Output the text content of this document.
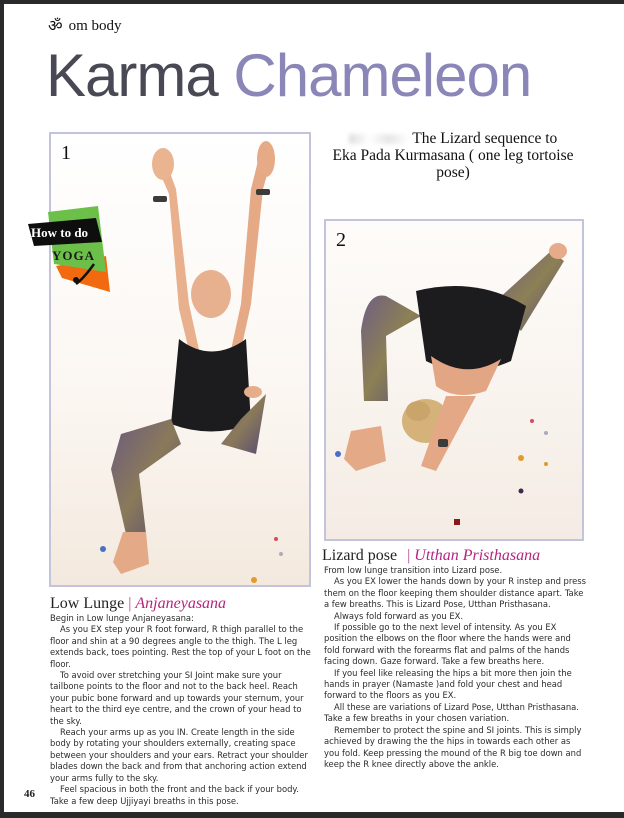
ॐ om body
Karma Chameleon
1
How to do
YOGA
The Lizard sequence to
Eka Pada Kurmasana ( one leg tortoise
pose)
2
Low Lunge | Anjaneyasana

Begin in Low lunge Anjaneyasana:

As you EX step your R foot forward, R thigh parallel to the floor and shin at a 90 degrees angle to the thigh. The L leg extends back, toes pointing. Rest the top of your L foot on the floor.

To avoid over stretching your SI Joint make sure your tailbone points to the floor and not to the back heel. Reach your pubic bone forward and up towards your sternum, your heart to the third eye centre, and the crown of your head to the sky.

Reach your arms up as you IN. Create length in the side body by rotating your shoulders externally, creating space between your shoulders and your ears. Retract your shoulder blades down the back and from that anchoring action extend your arms fully to the sky.

Feel spacious in both the front and the back if your body. Take a few deep Ujjiyayi breaths in this pose.

Lizard pose | Utthan Pristhasana

From low lunge transition into Lizard pose.

As you EX lower the hands down by your R instep and press them on the floor keeping them shoulder distance apart. Take a few breaths. This is Lizard Pose, Utthan Pristhasana.

Always fold forward as you EX.

If possible go to the next level of intensity. As you EX position the elbows on the floor where the hands were and fold forward with the forearms flat and palms of the hands facing down. Gaze forward. Take a few breaths here.

If you feel like releasing the hips a bit more then join the hands in prayer (Namaste )and fold your chest and head forward to the floors as you EX.

All these are variations of Lizard Pose, Utthan Pristhasana. Take a few breaths in your chosen variation.

Remember to protect the spine and SI joints. This is simply achieved by drawing the the hips in towards each other as you fold. Keep pressing the mound of the R big toe down and keep the R knee directly above the ankle.

46
